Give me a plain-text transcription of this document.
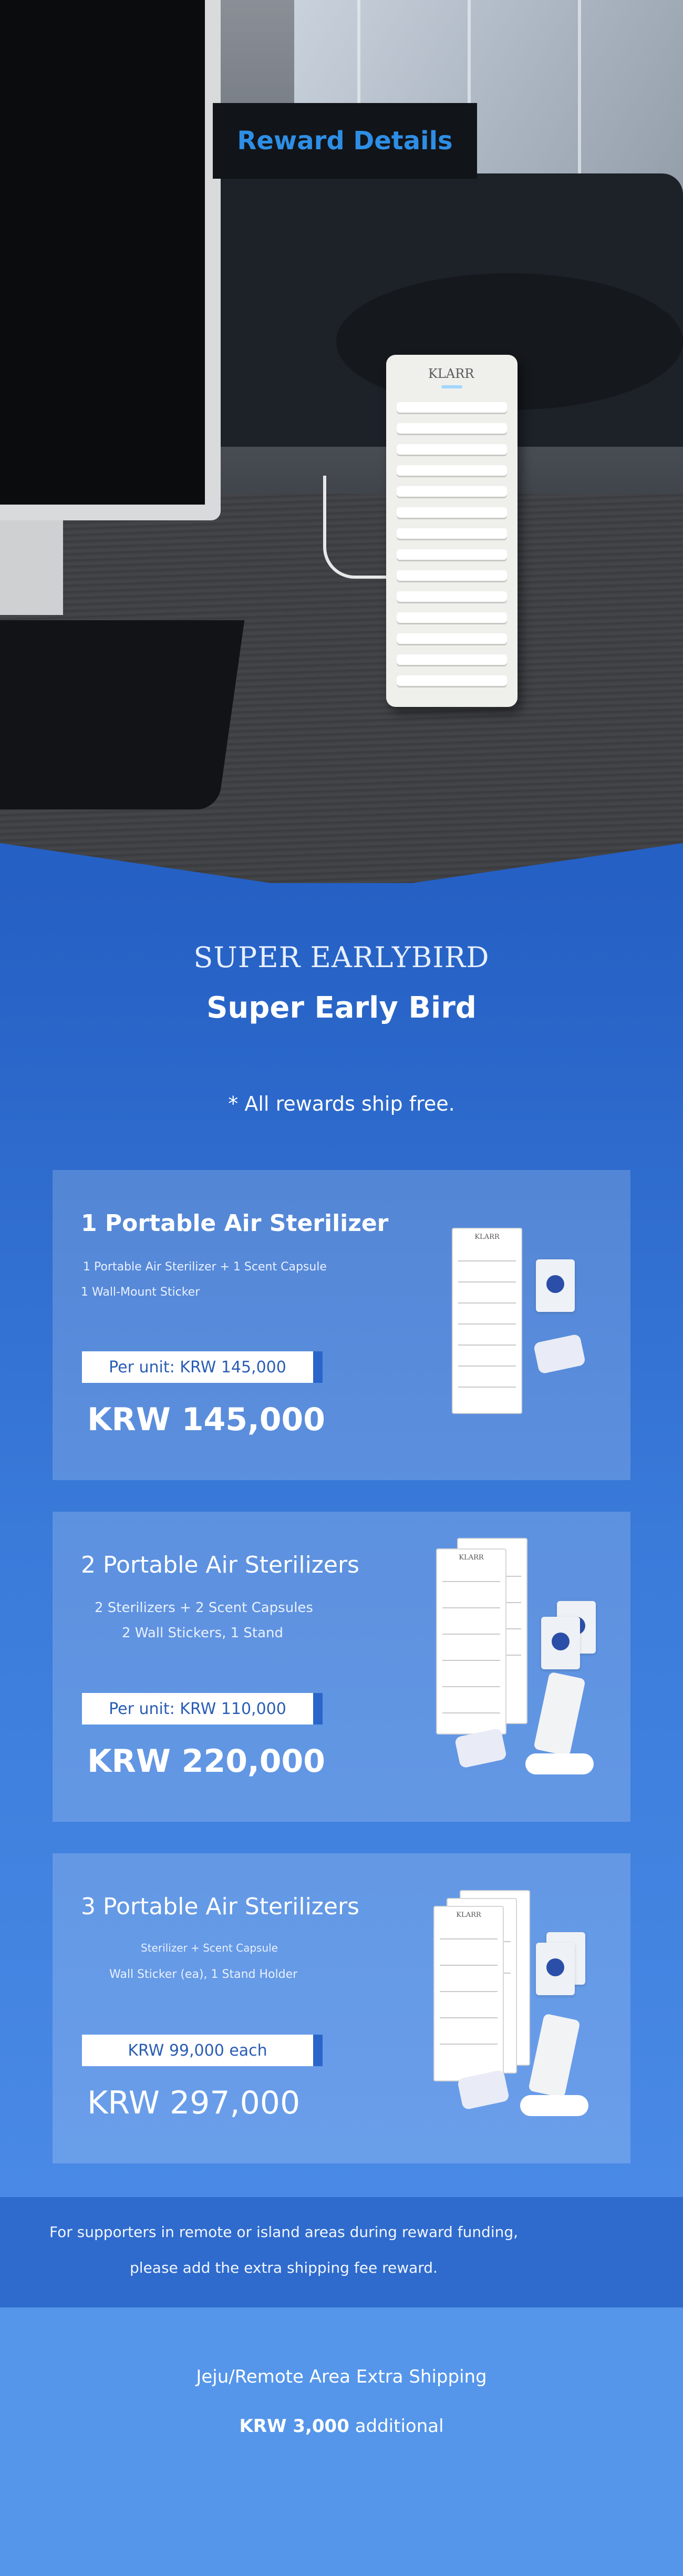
KLARR
Reward Details
SUPER EARLYBIRD
Super Early Bird
* All rewards ship free.
1 Portable Air Sterilizer
1 Portable Air Sterilizer + 1 Scent Capsule
1 Wall-Mount Sticker
Per unit: KRW 145,000
KRW 145,000
KLARR
2 Portable Air Sterilizers
2 Sterilizers + 2 Scent Capsules
2 Wall Stickers, 1 Stand
Per unit: KRW 110,000
KRW 220,000
KLARR
3 Portable Air Sterilizers
Sterilizer + Scent Capsule
Wall Sticker (ea), 1 Stand Holder
KRW 99,000 each
KRW 297,000
KLARR
For supporters in remote or island areas during reward funding,
please add the extra shipping fee reward.
Jeju/Remote Area Extra Shipping
KRW 3,000 additional
